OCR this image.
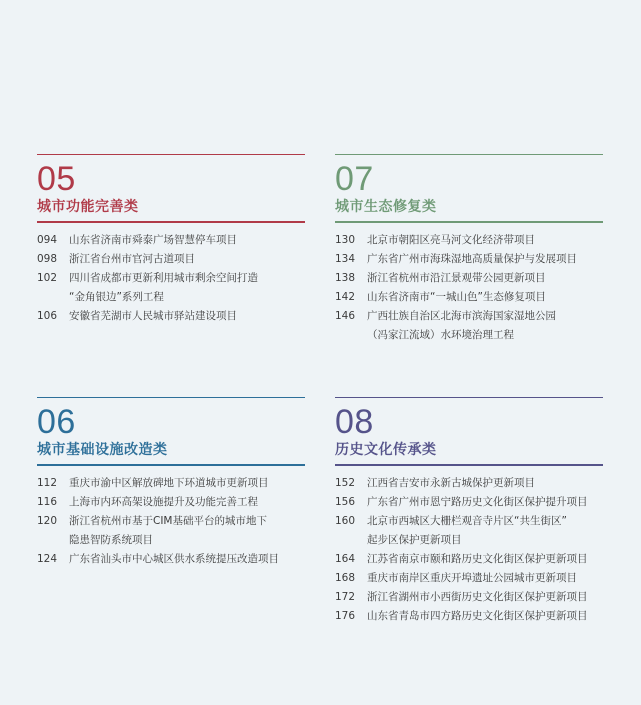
05
城市功能完善类
094	山东省济南市舜泰广场智慧停车项目
098	浙江省台州市官河古道项目
102	四川省成都市更新利用城市剩余空间打造
“金角银边”系列工程
106	安徽省芜湖市人民城市驿站建设项目
07
城市生态修复类
130	北京市朝阳区亮马河文化经济带项目
134	广东省广州市海珠湿地高质量保护与发展项目
138	浙江省杭州市沿江景观带公园更新项目
142	山东省济南市“一城山色”生态修复项目
146	广西壮族自治区北海市滨海国家湿地公园
（冯家江流域）水环境治理工程
06
城市基础设施改造类
112	重庆市渝中区解放碑地下环道城市更新项目
116	上海市内环高架设施提升及功能完善工程
120	浙江省杭州市基于CIM基础平台的城市地下
隐患智防系统项目
124	广东省汕头市中心城区供水系统提压改造项目
08
历史文化传承类
152	江西省吉安市永新古城保护更新项目
156	广东省广州市恩宁路历史文化街区保护提升项目
160	北京市西城区大栅栏观音寺片区“共生街区”
起步区保护更新项目
164	江苏省南京市颐和路历史文化街区保护更新项目
168	重庆市南岸区重庆开埠遗址公园城市更新项目
172	浙江省湖州市小西街历史文化街区保护更新项目
176	山东省青岛市四方路历史文化街区保护更新项目
